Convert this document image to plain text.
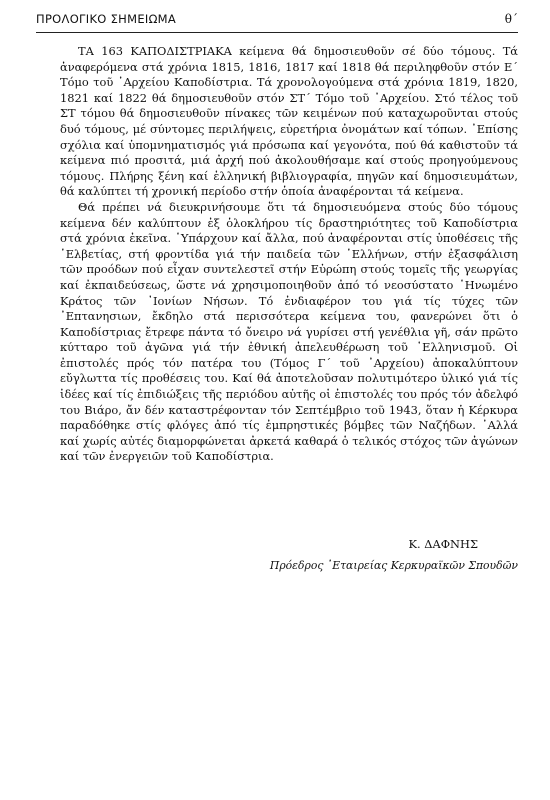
ΠΡΟΛΟΓΙΚΟ ΣΗΜΕΙΩΜΑ	θ΄

ΤΑ 163 ΚΑΠΟΔΙΣΤΡΙΑΚΑ κείμενα θά δημοσιευθοῦν σέ δύο τόμους. Τά ἀναφερόμενα στά χρόνια 1815, 1816, 1817 καί 1818 θά περιληφθοῦν στόν Ε΄ Τόμο τοῦ ᾿Αρχείου Καποδίστρια. Τά χρονολογούμενα στά χρόνια 1819, 1820, 1821 καί 1822 θά δημοσιευθοῦν στόν ΣΤ΄ Τόμο τοῦ ᾿Αρχείου. Στό τέλος τοῦ ΣΤ τόμου θά δημοσιευθοῦν πίνακες τῶν κειμένων πού καταχωροῦνται στούς δυό τόμους, μέ σύντομες περιλήψεις, εὑρετήρια ὀνομάτων καί τόπων. ᾿Επίσης σχόλια καί ὑπομνηματισμός γιά πρόσωπα καί γεγονότα, πού θά καθιστοῦν τά κείμενα πιό προσιτά, μιά ἀρχή πού ἀκολουθήσαμε καί στούς προηγούμενους τόμους. Πλήρης ξένη καί ἑλληνική βιβλιογραφία, πηγῶν καί δημοσιευμάτων, θά καλύπτει τή χρονική περίοδο στήν ὁποία ἀναφέρονται τά κείμενα.

Θά πρέπει νά διευκρινήσουμε ὅτι τά δημοσιευόμενα στούς δύο τόμους κείμενα δέν καλύπτουν ἐξ ὁλοκλήρου τίς δραστηριότητες τοῦ Καποδίστρια στά χρόνια ἐκεῖνα. ῾Υπάρχουν καί ἄλλα, πού ἀναφέρονται στίς ὑποθέσεις τῆς ῾Ελβετίας, στή φροντίδα γιά τήν παιδεία τῶν ῾Ελλήνων, στήν ἐξασφάλιση τῶν προόδων πού εἶχαν συντελεστεῖ στήν Εὐρώπη στούς τομεῖς τῆς γεωργίας καί ἐκπαιδεύσεως, ὥστε νά χρησιμοποιηθοῦν ἀπό τό νεοσύστατο ῾Ηνωμένο Κράτος τῶν ᾿Ιονίων Νήσων. Τό ἐνδιαφέρον του γιά τίς τύχες τῶν ᾿Επτανησιων, ἔκδηλο στά περισσότερα κείμενα του, φανερώνει ὅτι ὁ Καποδίστριας ἔτρεφε πάντα τό ὄνειρο νά γυρίσει στή γενέθλια γῆ, σάν πρῶτο κύτταρο τοῦ ἀγῶνα γιά τήν ἐθνική ἀπελευθέρωση τοῦ ῾Ελληνισμοῦ. Οἱ ἐπιστολές πρός τόν πατέρα του (Τόμος Γ΄ τοῦ ᾿Αρχείου) ἀποκαλύπτουν εὔγλωττα τίς προθέσεις του. Καί θά ἀποτελοῦσαν πολυτιμότερο ὑλικό γιά τίς ἰδέες καί τίς ἐπιδιώξεις τῆς περιόδου αὐτῆς οἱ ἐπιστολές του πρός τόν ἀδελφό του Βιάρο, ἄν δέν καταστρέφονταν τόν Σεπτέμβριο τοῦ 1943, ὅταν ἡ Κέρκυρα παραδόθηκε στίς φλόγες ἀπό τίς ἐμπρηστικές βόμβες τῶν Ναζήδων. ᾿Αλλά καί χωρίς αὐτές διαμορφώνεται ἀρκετά καθαρά ὁ τελικός στόχος τῶν ἀγώνων καί τῶν ἐνεργειῶν τοῦ Καποδίστρια.

Κ. ΔΑΦΝΗΣ
Πρόεδρος ᾿Εταιρείας Κερκυραϊκῶν Σπουδῶν
